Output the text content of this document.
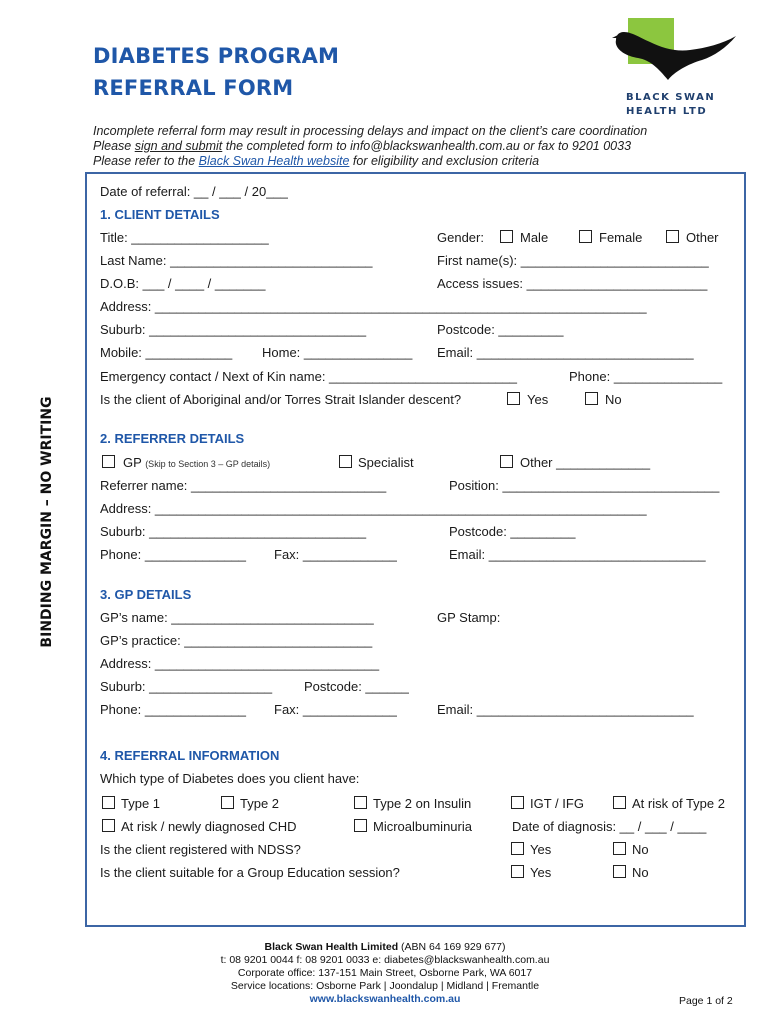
DIABETES PROGRAM
REFERRAL FORM	BLACK SWAN
HEALTH LTD
Incomplete referral form may result in processing delays and impact on the client’s care coordination
Please sign and submit the completed form to info@blackswanhealth.com.au or fax to 9201 0033
Please refer to the Black Swan Health website for eligibility and exclusion criteria
BINDING MARGIN – NO WRITING
Date of referral: __ / ___ / 20___
1. CLIENT DETAILS
Title: ___________________	Gender:	Male	Female	Other
Last Name: ____________________________	First name(s): __________________________
D.O.B: ___ / ____ / _______	Access issues: _________________________
Address: ____________________________________________________________________
Suburb: ______________________________	Postcode: _________
Mobile: ____________ Home: _______________ Email: ______________________________
Emergency contact / Next of Kin name: __________________________	Phone: _______________
Is the client of Aboriginal and/or Torres Strait Islander descent?	Yes	No
2. REFERRER DETAILS
GP (Skip to Section 3 – GP details)	Specialist	Other _____________
Referrer name: ___________________________	Position: ______________________________
Address: ____________________________________________________________________
Suburb: ______________________________	Postcode: _________
Phone: ______________ Fax: _____________	Email: ______________________________
3. GP DETAILS
GP’s name: ____________________________	GP Stamp:
GP’s practice: __________________________
Address: _______________________________
Suburb: _________________ Postcode: ______
Phone: ______________ Fax: _____________	Email: ______________________________
4. REFERRAL INFORMATION
Which type of Diabetes does you client have:
Type 1	Type 2	Type 2 on Insulin	IGT / IFG	At risk of Type 2
At risk / newly diagnosed CHD	Microalbuminuria	Date of diagnosis: __ / ___ / ____
Is the client registered with NDSS?	Yes	No
Is the client suitable for a Group Education session?	Yes	No
Black Swan Health Limited (ABN 64 169 929 677)
t: 08 9201 0044 f: 08 9201 0033 e: diabetes@blackswanhealth.com.au
Corporate office: 137-151 Main Street, Osborne Park, WA 6017
Service locations: Osborne Park | Joondalup | Midland | Fremantle
www.blackswanhealth.com.au	Page 1 of 2
